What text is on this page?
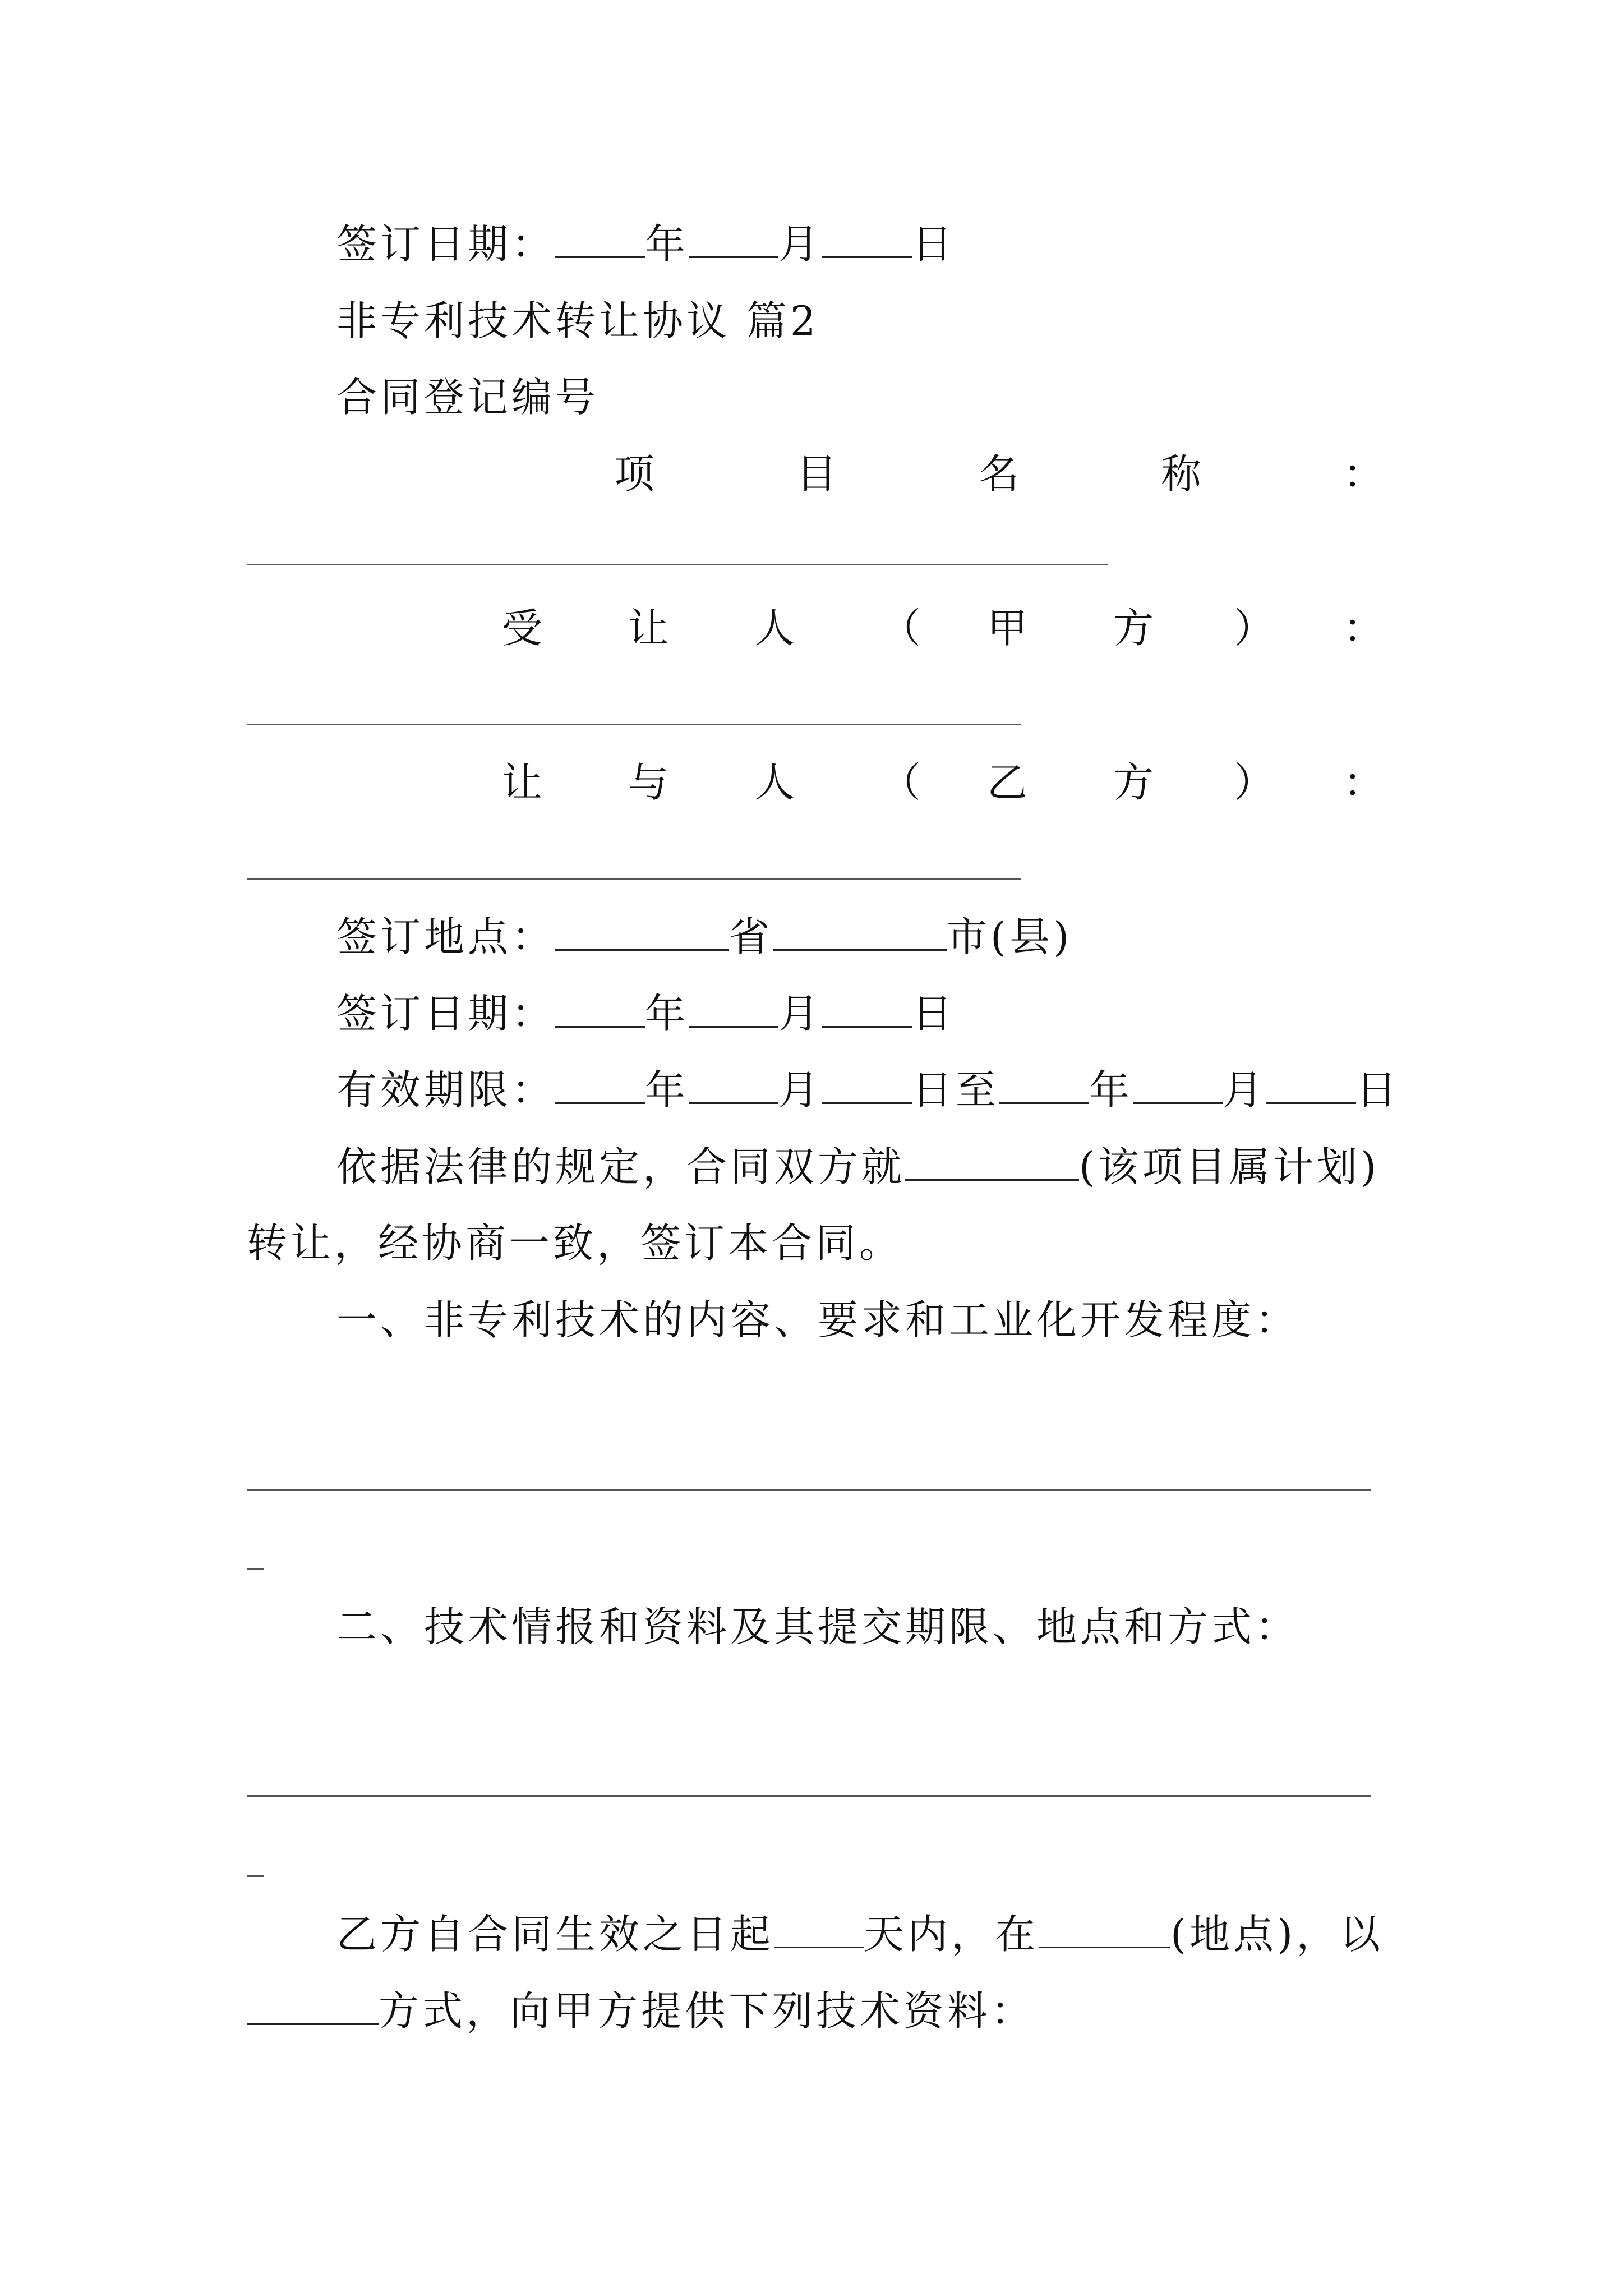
签订日期： 年 月 日
非专利技术转让协议 篇2
合同登记编号
项	目	名	称	：
受 让 人 （ 甲 方 ） ：
让 与 人 （ 乙 方 ） ：
签订地点：	省	市(县)
签订日期： 年 月 日
有效期限： 年 月 日至 年 月 日
依据法律的规定，合同双方就	(该项目属计划)
转让，经协商一致，签订本合同。
一、非专利技术的内容、要求和工业化开发程度：
二、技术情报和资料及其提交期限、地点和方式：
乙方自合同生效之日起 天内，在	(地点)，以
方式，向甲方提供下列技术资料：
